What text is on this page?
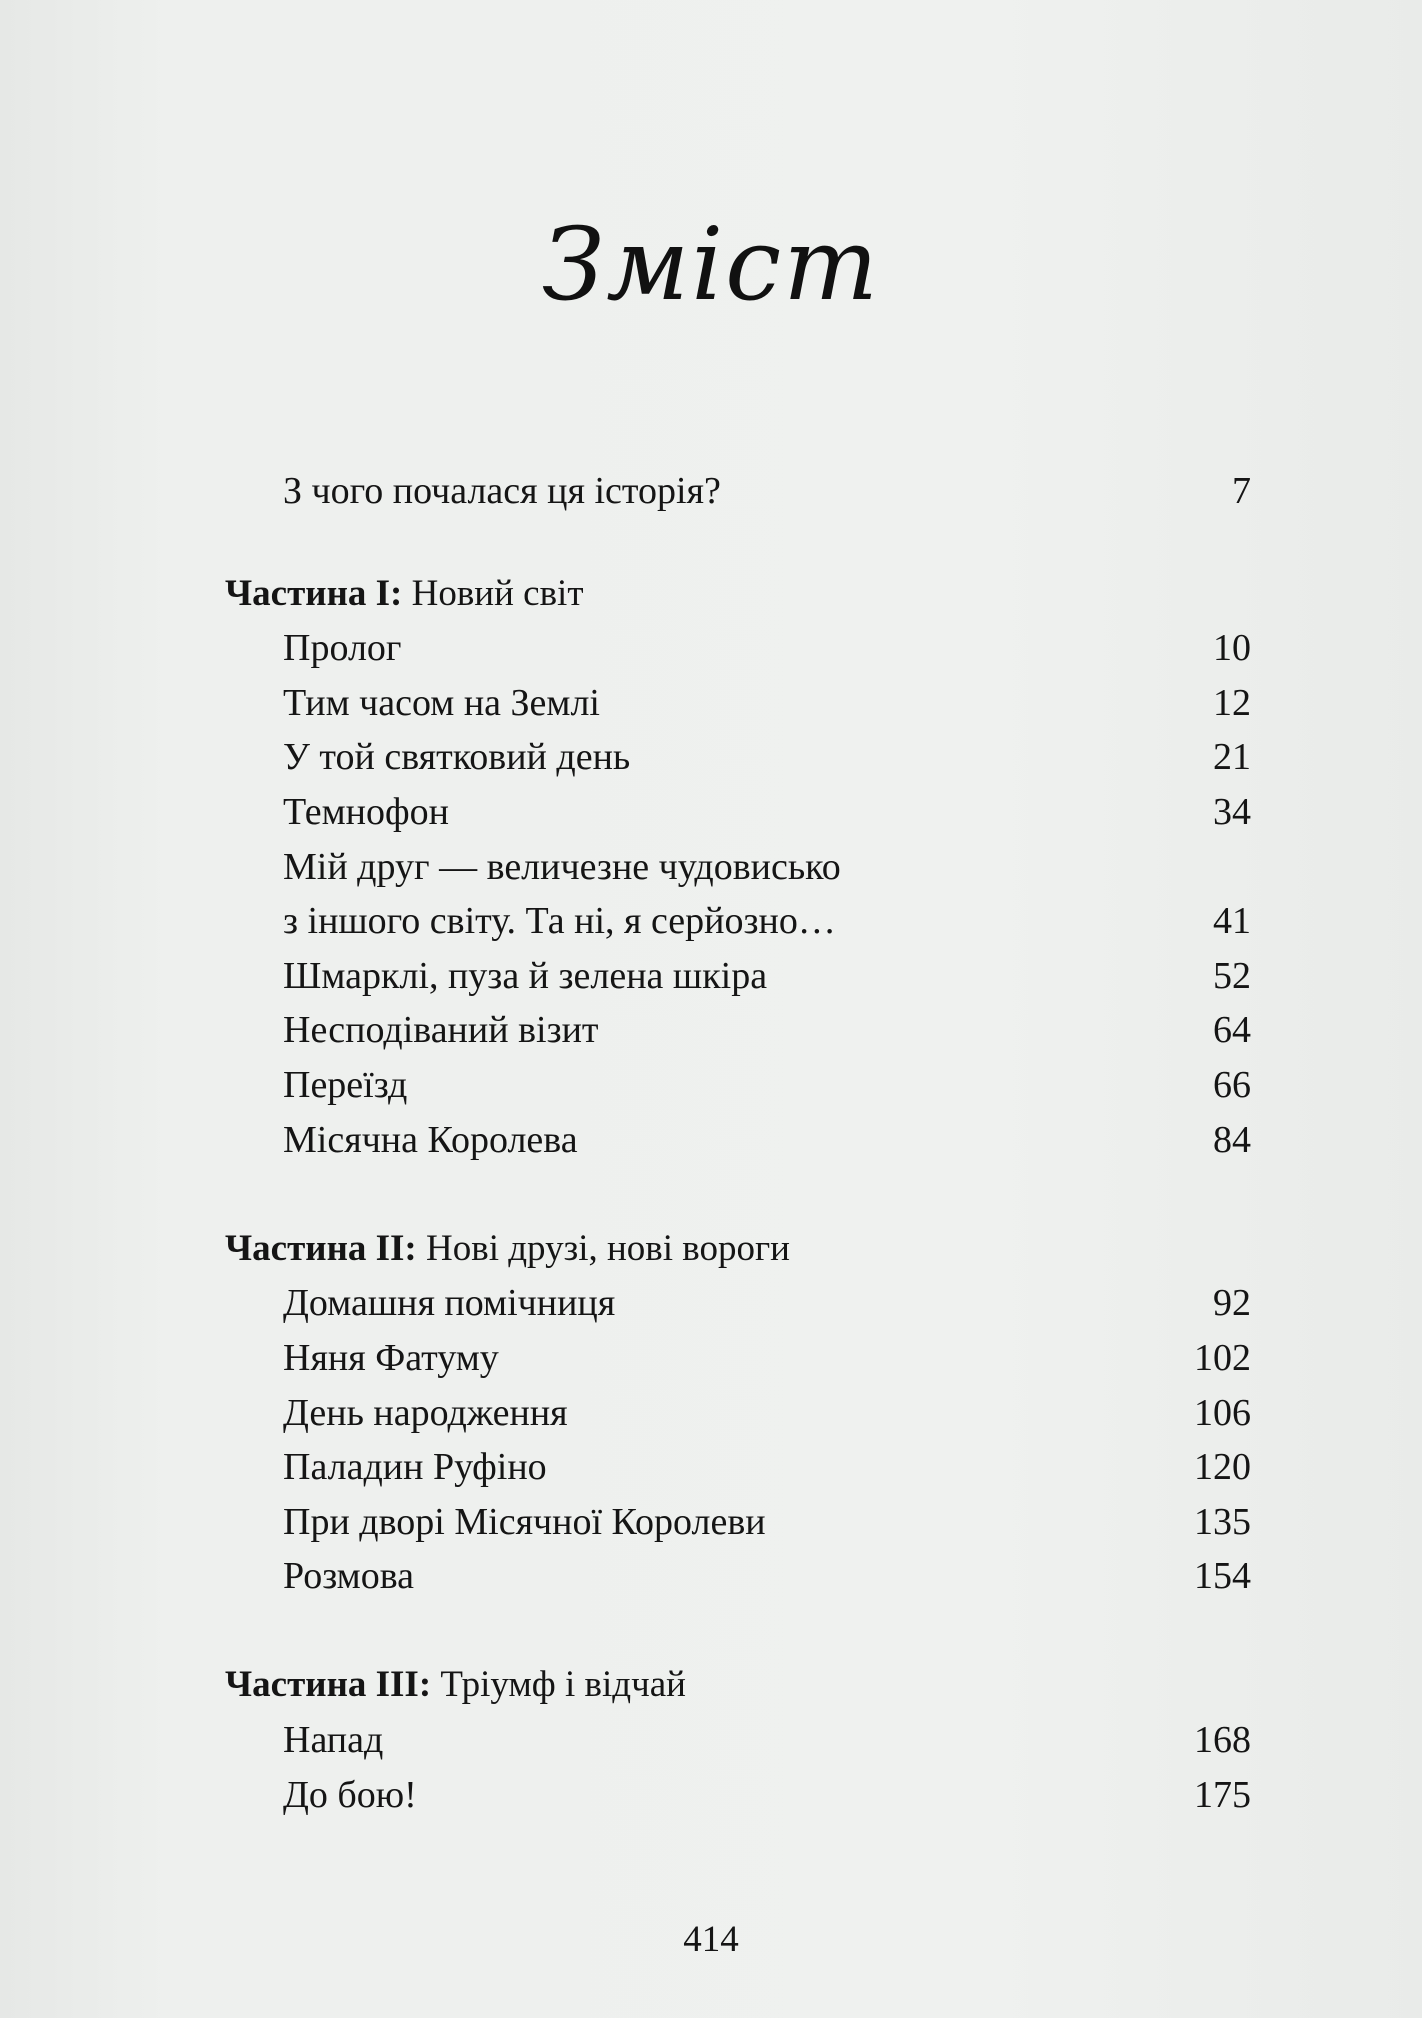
Зміст
З чого почалася ця історія?	7
Частина I: Новий світ
Пролог	10
Тим часом на Землі	12
У той святковий день	21
Темнофон	34
Мій друг — величезне чудовисько
з іншого світу. Та ні, я серйозно…	41
Шмарклі, пуза й зелена шкіра	52
Несподіваний візит	64
Переїзд	66
Місячна Королева	84
Частина II: Нові друзі, нові вороги
Домашня помічниця	92
Няня Фатуму	102
День народження	106
Паладин Руфіно	120
При дворі Місячної Королеви	135
Розмова	154
Частина III: Тріумф і відчай
Напад	168
До бою!	175
414
